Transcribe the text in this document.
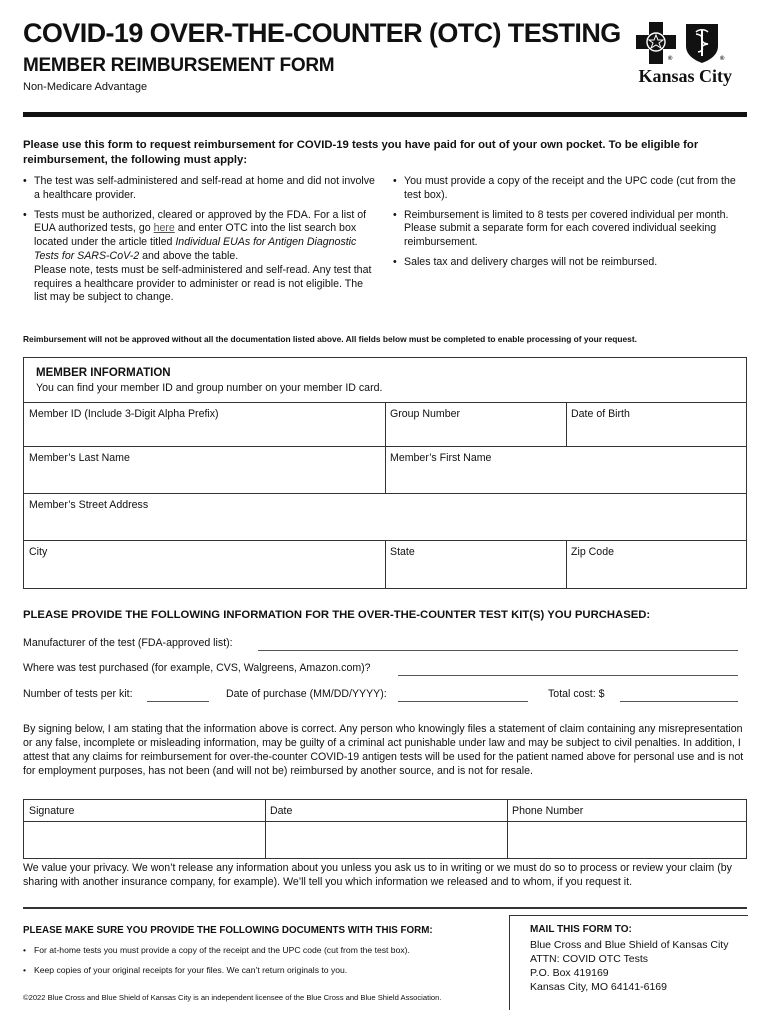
COVID-19 OVER-THE-COUNTER (OTC) TESTING
MEMBER REIMBURSEMENT FORM
Non-Medicare Advantage
®	®
Kansas City
Please use this form to request reimbursement for COVID-19 tests you have paid for out of your own pocket. To be eligible for reimbursement, the following must apply:
• The test was self-administered and self-read at home and did not involve a healthcare provider.
• Tests must be authorized, cleared or approved by the FDA. For a list of EUA authorized tests, go here and enter OTC into the list search box located under the article titled Individual EUAs for Antigen Diagnostic Tests for SARS-CoV-2 and above the table.
Please note, tests must be self-administered and self-read. Any test that requires a healthcare provider to administer or read is not eligible. The list may be subject to change.
• You must provide a copy of the receipt and the UPC code (cut from the test box).
• Reimbursement is limited to 8 tests per covered individual per month. Please submit a separate form for each covered individual seeking reimbursement.
• Sales tax and delivery charges will not be reimbursed.
Reimbursement will not be approved without all the documentation listed above. All fields below must be completed to enable processing of your request.
MEMBER INFORMATION
You can find your member ID and group number on your member ID card.
Member ID (Include 3-Digit Alpha Prefix)	Group Number	Date of Birth
Member’s Last Name	Member’s First Name
Member’s Street Address
City	State	Zip Code
PLEASE PROVIDE THE FOLLOWING INFORMATION FOR THE OVER-THE-COUNTER TEST KIT(S) YOU PURCHASED:
Manufacturer of the test (FDA-approved list):
Where was test purchased (for example, CVS, Walgreens, Amazon.com)?
Number of tests per kit:	Date of purchase (MM/DD/YYYY):	Total cost: $
By signing below, I am stating that the information above is correct. Any person who knowingly files a statement of claim containing any misrepresentation or any false, incomplete or misleading information, may be guilty of a criminal act punishable under law and may be subject to civil penalties. In addition, I attest that any claims for reimbursement for over-the-counter COVID-19 antigen tests will be used for the patient named above for personal use and is not for employment purposes, has not been (and will not be) reimbursed by another source, and is not for resale.
Signature	Date	Phone Number
We value your privacy. We won’t release any information about you unless you ask us to in writing or we must do so to process or review your claim (by sharing with another insurance company, for example). We’ll tell you which information we released and to whom, if you request it.
PLEASE MAKE SURE YOU PROVIDE THE FOLLOWING DOCUMENTS WITH THIS FORM:
• For at-home tests you must provide a copy of the receipt and the UPC code (cut from the test box).
• Keep copies of your original receipts for your files. We can’t return originals to you.
©2022 Blue Cross and Blue Shield of Kansas City is an independent licensee of the Blue Cross and Blue Shield Association.
MAIL THIS FORM TO:
Blue Cross and Blue Shield of Kansas City
ATTN: COVID OTC Tests
P.O. Box 419169
Kansas City, MO 64141-6169
